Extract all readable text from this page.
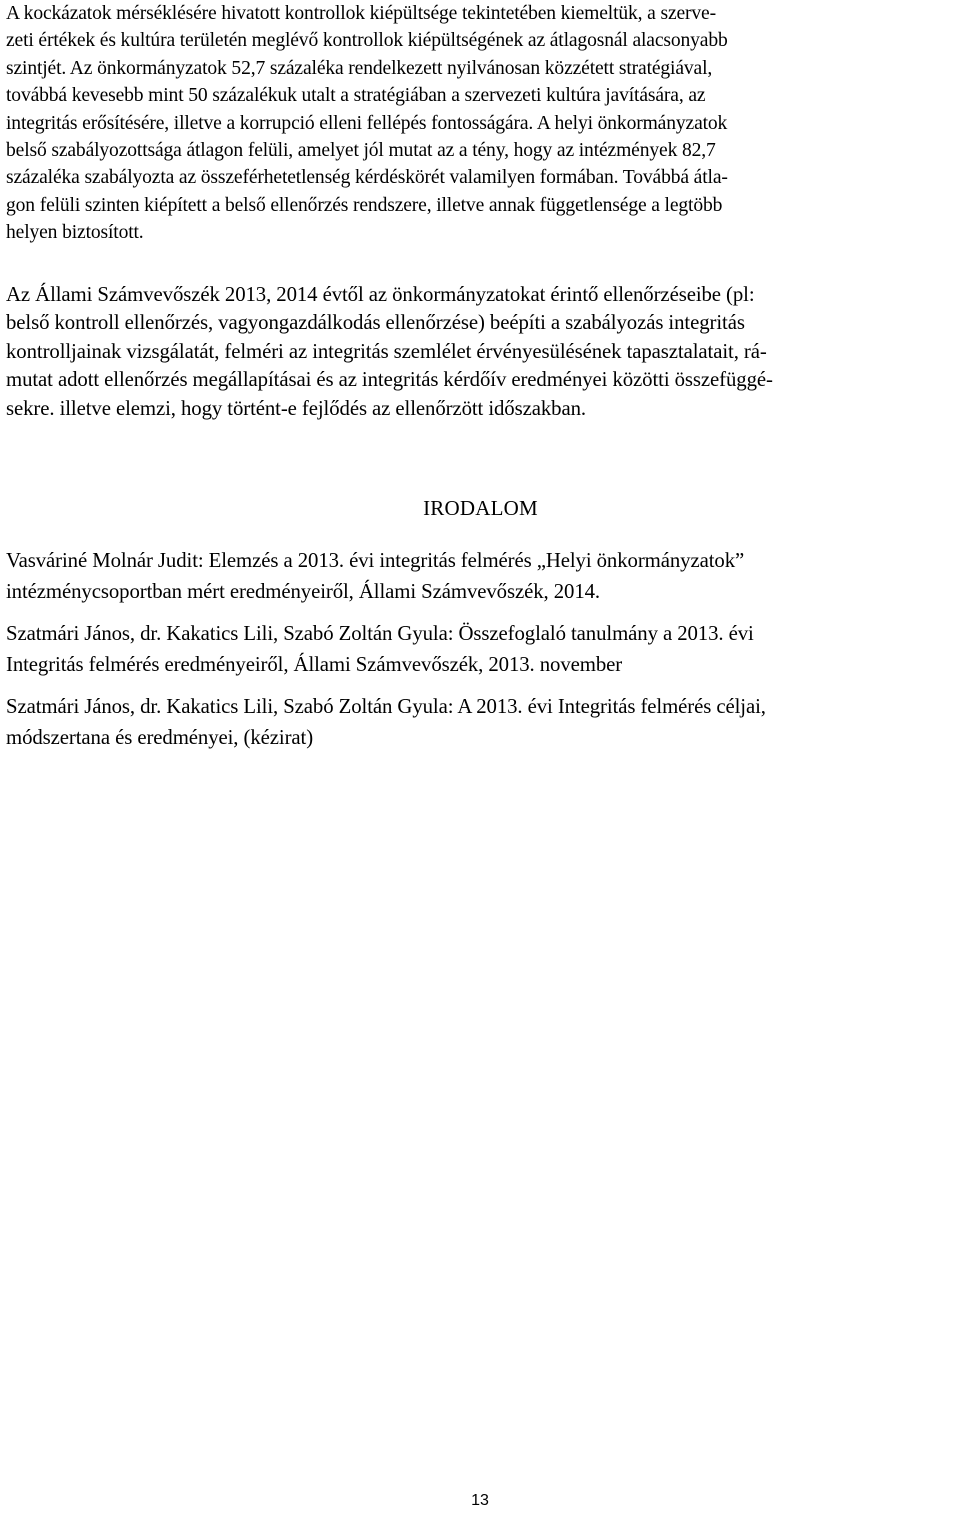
A kockázatok mérséklésére hivatott kontrollok kiépültsége tekintetében kiemeltük, a szerve-
zeti értékek és kultúra területén meglévő kontrollok kiépültségének az átlagosnál alacsonyabb
szintjét. Az önkormányzatok 52,7 százaléka rendelkezett nyilvánosan közzétett stratégiával,
továbbá kevesebb mint 50 százalékuk utalt a stratégiában a szervezeti kultúra javítására, az
integritás erősítésére, illetve a korrupció elleni fellépés fontosságára. A helyi önkormányzatok
belső szabályozottsága átlagon felüli, amelyet jól mutat az a tény, hogy az intézmények 82,7
százaléka szabályozta az összeférhetetlenség kérdéskörét valamilyen formában. Továbbá átla-
gon felüli szinten kiépített a belső ellenőrzés rendszere, illetve annak függetlensége a legtöbb
helyen biztosított.

Az Állami Számvevőszék 2013, 2014 évtől az önkormányzatokat érintő ellenőrzéseibe (pl:
belső kontroll ellenőrzés, vagyongazdálkodás ellenőrzése) beépíti a szabályozás integritás
kontrolljainak vizsgálatát, felméri az integritás szemlélet érvényesülésének tapasztalatait, rá-
mutat adott ellenőrzés megállapításai és az integritás kérdőív eredményei közötti összefüggé-
sekre. illetve elemzi, hogy történt-e fejlődés az ellenőrzött időszakban.

IRODALOM

Vasváriné Molnár Judit: Elemzés a 2013. évi integritás felmérés „Helyi önkormányzatok”
intézménycsoportban mért eredményeiről, Állami Számvevőszék, 2014.

Szatmári János, dr. Kakatics Lili, Szabó Zoltán Gyula: Összefoglaló tanulmány a 2013. évi
Integritás felmérés eredményeiről, Állami Számvevőszék, 2013. november

Szatmári János, dr. Kakatics Lili, Szabó Zoltán Gyula: A 2013. évi Integritás felmérés céljai,
módszertana és eredményei, (kézirat)

13
